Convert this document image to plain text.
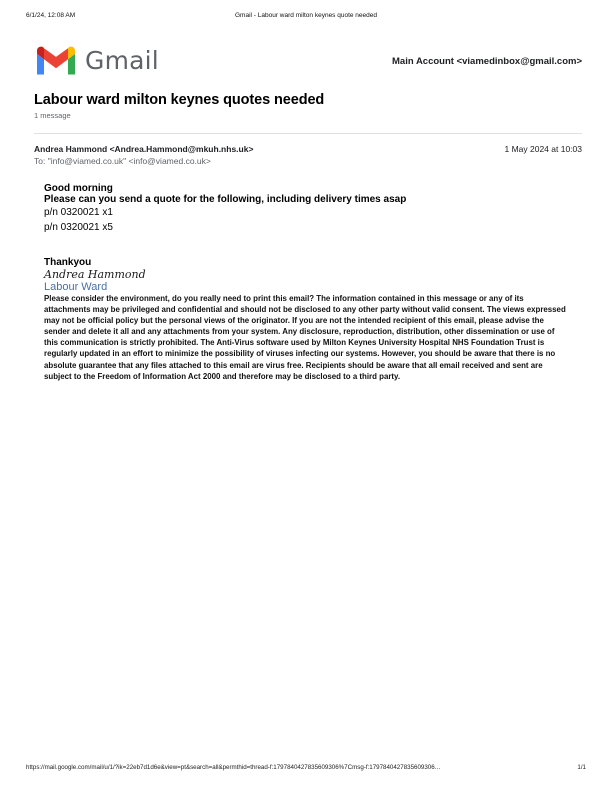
6/1/24, 12:08 AM	Gmail - Labour ward milton keynes quote needed
Gmail	Main Account <viamedinbox@gmail.com>
Labour ward milton keynes quotes needed
1 message
Andrea Hammond <Andrea.Hammond@mkuh.nhs.uk>	1 May 2024 at 10:03
To: "info@viamed.co.uk" <info@viamed.co.uk>

Good morning

Please can you send a quote for the following, including delivery times asap

p/n 0320021 x1

p/n 0320021 x5

Thankyou

Andrea Hammond

Labour Ward

Please consider the environment, do you really need to print this email? The information contained in this message or any of its attachments may be privileged and confidential and should not be disclosed to any other party without valid consent. The views expressed may not be official policy but the personal views of the originator. If you are not the intended recipient of this email, please advise the sender and delete it all and any attachments from your system. Any disclosure, reproduction, distribution, other dissemination or use of this communication is strictly prohibited. The Anti-Virus software used by Milton Keynes University Hospital NHS Foundation Trust is regularly updated in an effort to minimize the possibility of viruses infecting our systems. However, you should be aware that there is no absolute guarantee that any files attached to this email are virus free. Recipients should be aware that all email received and sent are subject to the Freedom of Information Act 2000 and therefore may be disclosed to a third party.

https://mail.google.com/mail/u/1/?ik=22eb7d1d6e&view=pt&search=all&permthid=thread-f:1797840427835609306%7Cmsg-f:1797840427835609306…	1/1
